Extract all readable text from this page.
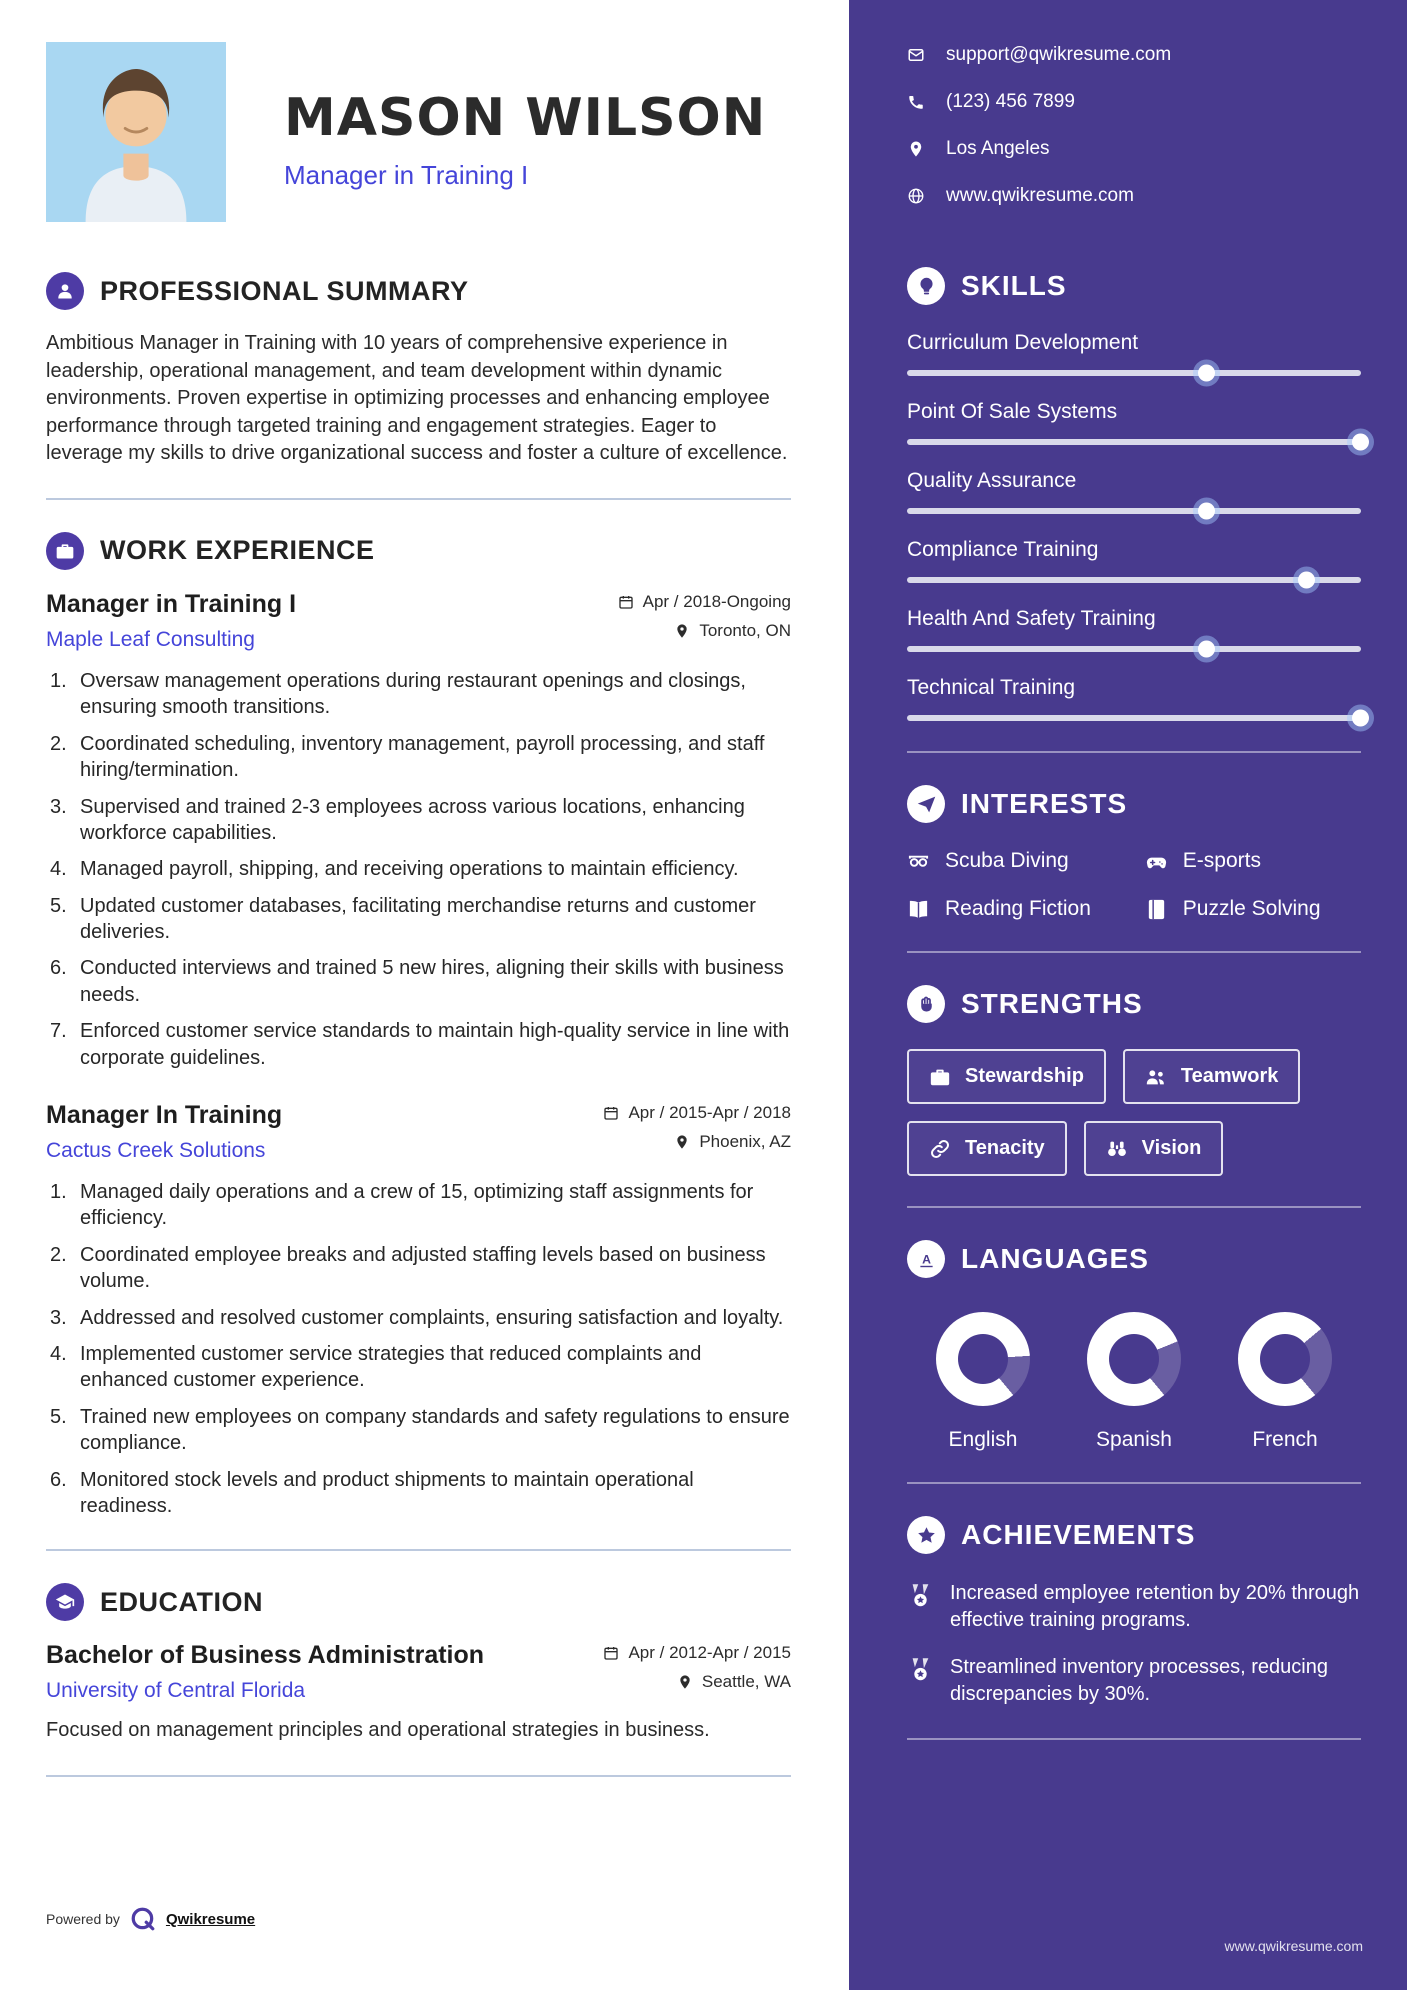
MASON WILSON
Manager in Training I
PROFESSIONAL SUMMARY

Ambitious Manager in Training with 10 years of comprehensive experience in leadership, operational management, and team development within dynamic environments. Proven expertise in optimizing processes and enhancing employee performance through targeted training and engagement strategies. Eager to leverage my skills to drive organizational success and foster a culture of excellence.

WORK EXPERIENCE
Manager in Training I
Maple Leaf Consulting
Apr / 2018-Ongoing
Toronto, ON
Oversaw management operations during restaurant openings and closings, ensuring smooth transitions.
Coordinated scheduling, inventory management, payroll processing, and staff hiring/termination.
Supervised and trained 2-3 employees across various locations, enhancing workforce capabilities.
Managed payroll, shipping, and receiving operations to maintain efficiency.
Updated customer databases, facilitating merchandise returns and customer deliveries.
Conducted interviews and trained 5 new hires, aligning their skills with business needs.
Enforced customer service standards to maintain high-quality service in line with corporate guidelines.
Manager In Training
Cactus Creek Solutions
Apr / 2015-Apr / 2018
Phoenix, AZ
Managed daily operations and a crew of 15, optimizing staff assignments for efficiency.
Coordinated employee breaks and adjusted staffing levels based on business volume.
Addressed and resolved customer complaints, ensuring satisfaction and loyalty.
Implemented customer service strategies that reduced complaints and enhanced customer experience.
Trained new employees on company standards and safety regulations to ensure compliance.
Monitored stock levels and product shipments to maintain operational readiness.
EDUCATION
Bachelor of Business Administration
University of Central Florida
Apr / 2012-Apr / 2015
Seattle, WA

Focused on management principles and operational strategies in business.

Powered by	Qwikresume
support@qwikresume.com
(123) 456 7899
Los Angeles
www.qwikresume.com
SKILLS
Curriculum Development
Point Of Sale Systems
Quality Assurance
Compliance Training
Health And Safety Training
Technical Training
INTERESTS
Scuba Diving	E-sports
Reading Fiction	Puzzle Solving
STRENGTHS
Stewardship	Teamwork
Tenacity	Vision
A LANGUAGES
English	Spanish	French
ACHIEVEMENTS
Increased employee retention by 20% through effective training programs.
Streamlined inventory processes, reducing discrepancies by 30%.
www.qwikresume.com
